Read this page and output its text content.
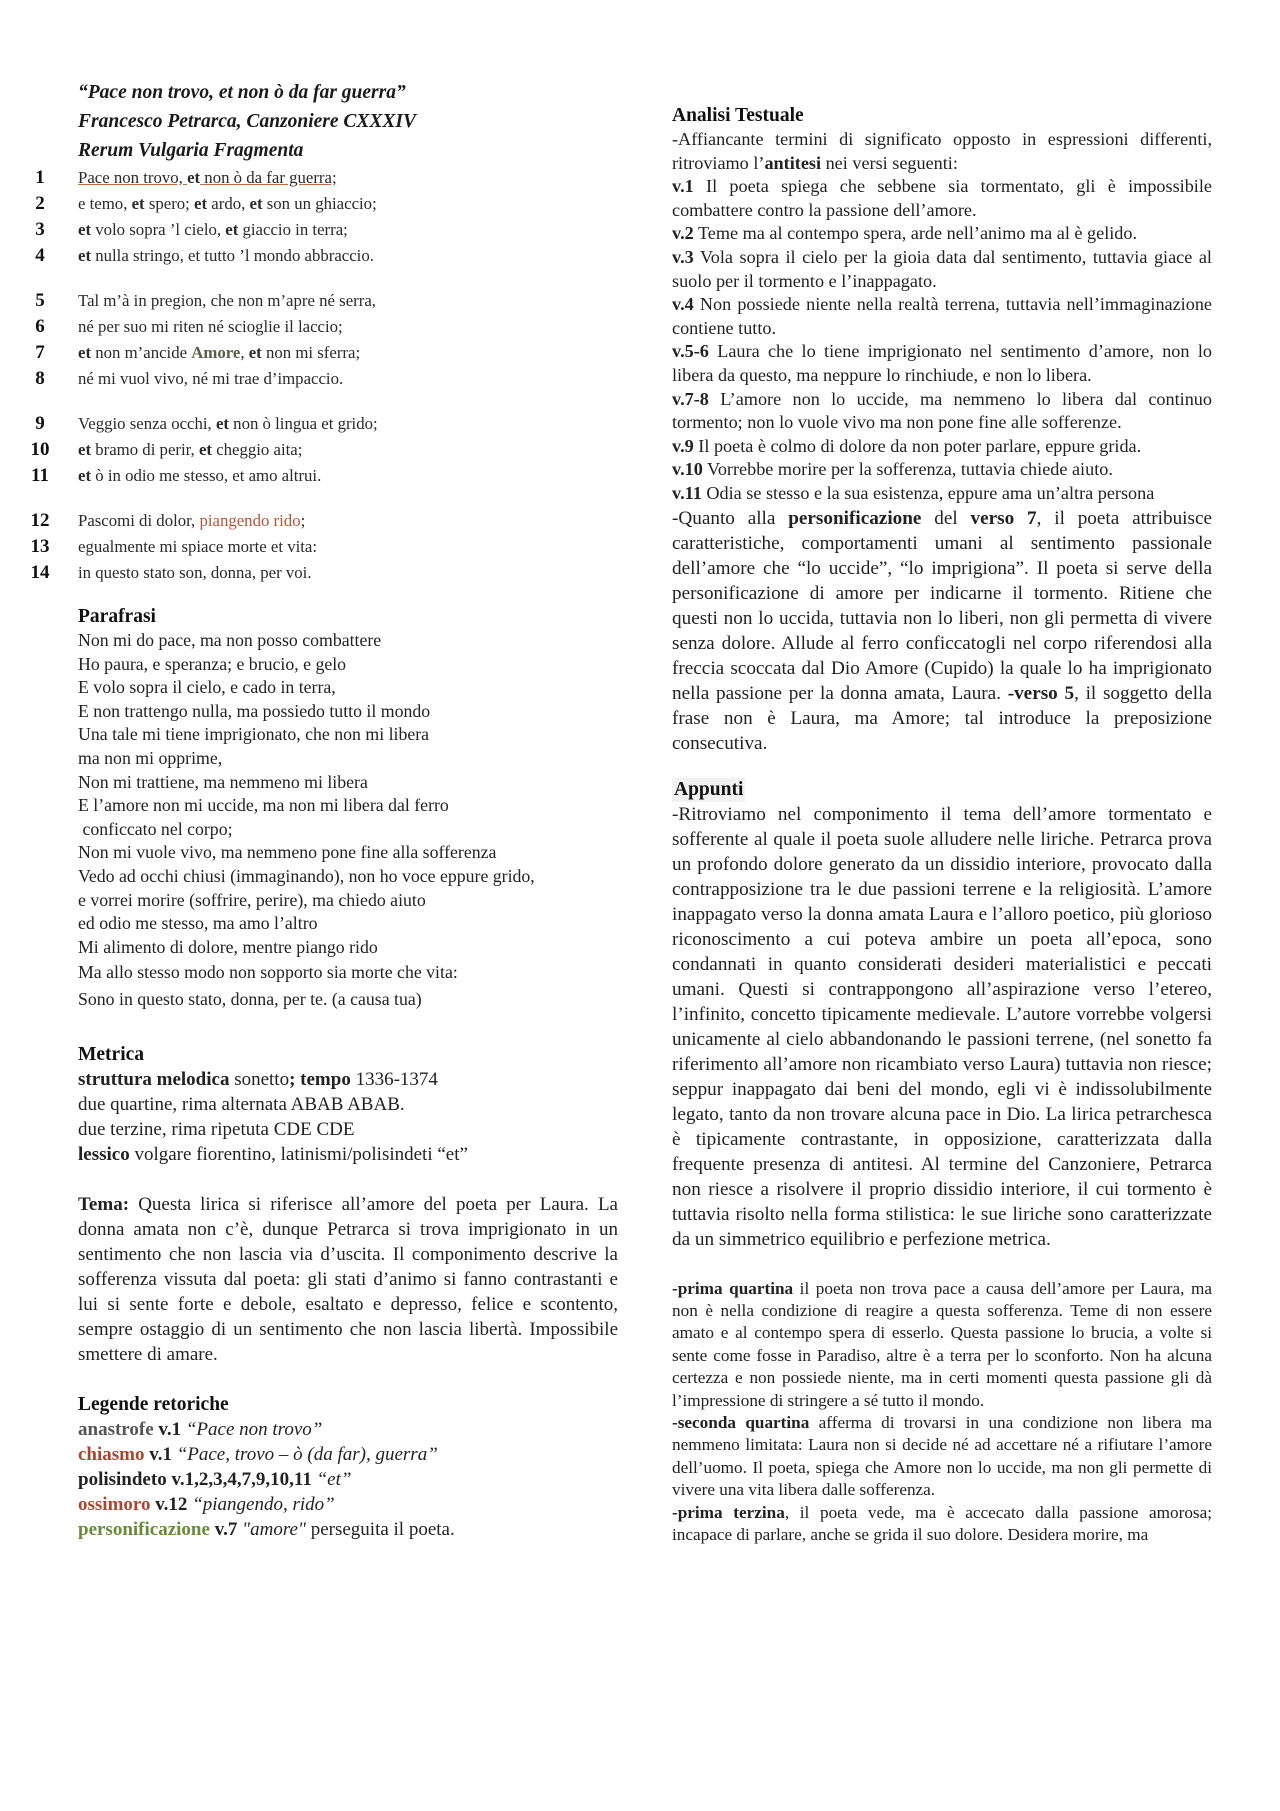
“Pace non trovo, et non ò da far guerra”

Francesco Petrarca, Canzoniere CXXXIV

Rerum Vulgaria Fragmenta

1	Pace non trovo, et non ò da far guerra;
2	e temo, et spero; et ardo, et son un ghiaccio;
3	et volo sopra ’l cielo, et giaccio in terra;
4	et nulla stringo, et tutto ’l mondo abbraccio.
5	Tal m’à in pregion, che non m’apre né serra,
6	né per suo mi riten né scioglie il laccio;
7	et non m’ancide Amore, et non mi sferra;
8	né mi vuol vivo, né mi trae d’impaccio.
9	Veggio senza occhi, et non ò lingua et grido;
10 et bramo di perir, et cheggio aita;
11 et ò in odio me stesso, et amo altrui.
12 Pascomi di dolor, piangendo rido;
13 egualmente mi spiace morte et vita:
14 in questo stato son, donna, per voi.
Parafrasi
Non mi do pace, ma non posso combattere
Ho paura, e speranza; e brucio, e gelo
E volo sopra il cielo, e cado in terra,
E non trattengo nulla, ma possiedo tutto il mondo
Una tale mi tiene imprigionato, che non mi libera
ma non mi opprime,
Non mi trattiene, ma nemmeno mi libera
E l’amore non mi uccide, ma non mi libera dal ferro
conficcato nel corpo;
Non mi vuole vivo, ma nemmeno pone fine alla sofferenza
Vedo ad occhi chiusi (immaginando), non ho voce eppure grido,
e vorrei morire (soffrire, perire), ma chiedo aiuto
ed odio me stesso, ma amo l’altro
Mi alimento di dolore, mentre piango rido
Ma allo stesso modo non sopporto sia morte che vita:
Sono in questo stato, donna, per te. (a causa tua)
Metrica
struttura melodica sonetto; tempo 1336-1374
due quartine, rima alternata ABAB ABAB.
due terzine, rima ripetuta CDE CDE
lessico volgare fiorentino, latinismi/polisindeti “et”

Tema: Questa lirica si riferisce all’amore del poeta per Laura. La donna amata non c’è, dunque Petrarca si trova imprigionato in un sentimento che non lascia via d’uscita. Il componimento descrive la sofferenza vissuta dal poeta: gli stati d’animo si fanno contrastanti e lui si sente forte e debole, esaltato e depresso, felice e scontento, sempre ostaggio di un sentimento che non lascia libertà. Impossibile smettere di amare.

Legende retoriche
anastrofe v.1 “Pace non trovo”
chiasmo v.1 “Pace, trovo – ò (da far), guerra”
polisindeto v.1,2,3,4,7,9,10,11 “et”
ossimoro v.12 “piangendo, rido”
personificazione v.7 "amore" perseguita il poeta.
Analisi Testuale

-Affiancante termini di significato opposto in espressioni differenti, ritroviamo l’antitesi nei versi seguenti:

v.1 Il poeta spiega che sebbene sia tormentato, gli è impossibile combattere contro la passione dell’amore.

v.2 Teme ma al contempo spera, arde nell’animo ma al è gelido.

v.3 Vola sopra il cielo per la gioia data dal sentimento, tuttavia giace al suolo per il tormento e l’inappagato.

v.4 Non possiede niente nella realtà terrena, tuttavia nell’immaginazione contiene tutto.

v.5-6 Laura che lo tiene imprigionato nel sentimento d’amore, non lo libera da questo, ma neppure lo rinchiude, e non lo libera.

v.7-8 L’amore non lo uccide, ma nemmeno lo libera dal continuo tormento; non lo vuole vivo ma non pone fine alle sofferenze.

v.9 Il poeta è colmo di dolore da non poter parlare, eppure grida.

v.10 Vorrebbe morire per la sofferenza, tuttavia chiede aiuto.

v.11 Odia se stesso e la sua esistenza, eppure ama un’altra persona

-Quanto alla personificazione del verso 7, il poeta attribuisce caratteristiche, comportamenti umani al sentimento passionale dell’amore che “lo uccide”, “lo imprigiona”. Il poeta si serve della personificazione di amore per indicarne il tormento. Ritiene che questi non lo uccida, tuttavia non lo liberi, non gli permetta di vivere senza dolore. Allude al ferro conficcatogli nel corpo riferendosi alla freccia scoccata dal Dio Amore (Cupido) la quale lo ha imprigionato nella passione per la donna amata, Laura. -verso 5, il soggetto della frase non è Laura, ma Amore; tal introduce la preposizione consecutiva.

Appunti

-Ritroviamo nel componimento il tema dell’amore tormentato e sofferente al quale il poeta suole alludere nelle liriche. Petrarca prova un profondo dolore generato da un dissidio interiore, provocato dalla contrapposizione tra le due passioni terrene e la religiosità. L’amore inappagato verso la donna amata Laura e l’alloro poetico, più glorioso riconoscimento a cui poteva ambire un poeta all’epoca, sono condannati in quanto considerati desideri materialistici e peccati umani. Questi si contrappongono all’aspirazione verso l’etereo, l’infinito, concetto tipicamente medievale. L’autore vorrebbe volgersi unicamente al cielo abbandonando le passioni terrene, (nel sonetto fa riferimento all’amore non ricambiato verso Laura) tuttavia non riesce; seppur inappagato dai beni del mondo, egli vi è indissolubilmente legato, tanto da non trovare alcuna pace in Dio. La lirica petrarchesca è tipicamente contrastante, in opposizione, caratterizzata dalla frequente presenza di antitesi. Al termine del Canzoniere, Petrarca non riesce a risolvere il proprio dissidio interiore, il cui tormento è tuttavia risolto nella forma stilistica: le sue liriche sono caratterizzate da un simmetrico equilibrio e perfezione metrica.

-prima quartina il poeta non trova pace a causa dell’amore per Laura, ma non è nella condizione di reagire a questa sofferenza. Teme di non essere amato e al contempo spera di esserlo. Questa passione lo brucia, a volte si sente come fosse in Paradiso, altre è a terra per lo sconforto. Non ha alcuna certezza e non possiede niente, ma in certi momenti questa passione gli dà l’impressione di stringere a sé tutto il mondo.

-seconda quartina afferma di trovarsi in una condizione non libera ma nemmeno limitata: Laura non si decide né ad accettare né a rifiutare l’amore dell’uomo. Il poeta, spiega che Amore non lo uccide, ma non gli permette di vivere una vita libera dalle sofferenza.

-prima terzina, il poeta vede, ma è accecato dalla passione amorosa; incapace di parlare, anche se grida il suo dolore. Desidera morire, ma
